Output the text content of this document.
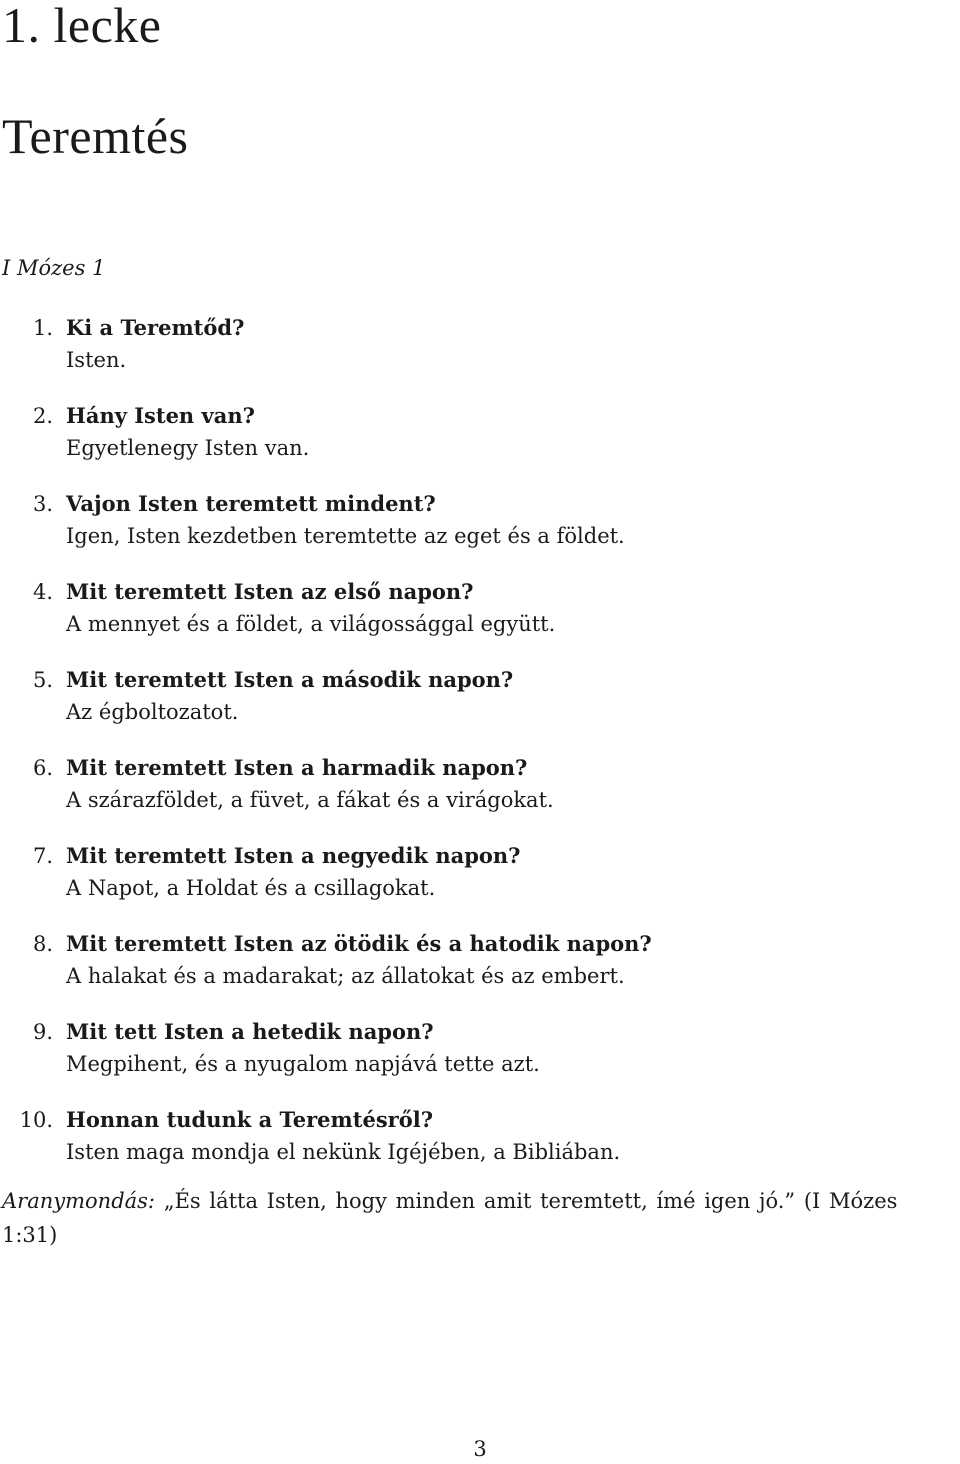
1. lecke
Teremtés
I Mózes 1
1. Ki a Teremtőd?
Isten.
2. Hány Isten van?
Egyetlenegy Isten van.
3. Vajon Isten teremtett mindent?
Igen, Isten kezdetben teremtette az eget és a földet.
4. Mit teremtett Isten az első napon?
A mennyet és a földet, a világossággal együtt.
5. Mit teremtett Isten a második napon?
Az égboltozatot.
6. Mit teremtett Isten a harmadik napon?
A szárazföldet, a füvet, a fákat és a virágokat.
7. Mit teremtett Isten a negyedik napon?
A Napot, a Holdat és a csillagokat.
8. Mit teremtett Isten az ötödik és a hatodik napon?
A halakat és a madarakat; az állatokat és az embert.
9. Mit tett Isten a hetedik napon?
Megpihent, és a nyugalom napjává tette azt.
10. Honnan tudunk a Teremtésről?
Isten maga mondja el nekünk Igéjében, a Bibliában.

Aranymondás: „És látta Isten, hogy minden amit teremtett, ímé igen jó.” (I Mózes 1:31)

3
